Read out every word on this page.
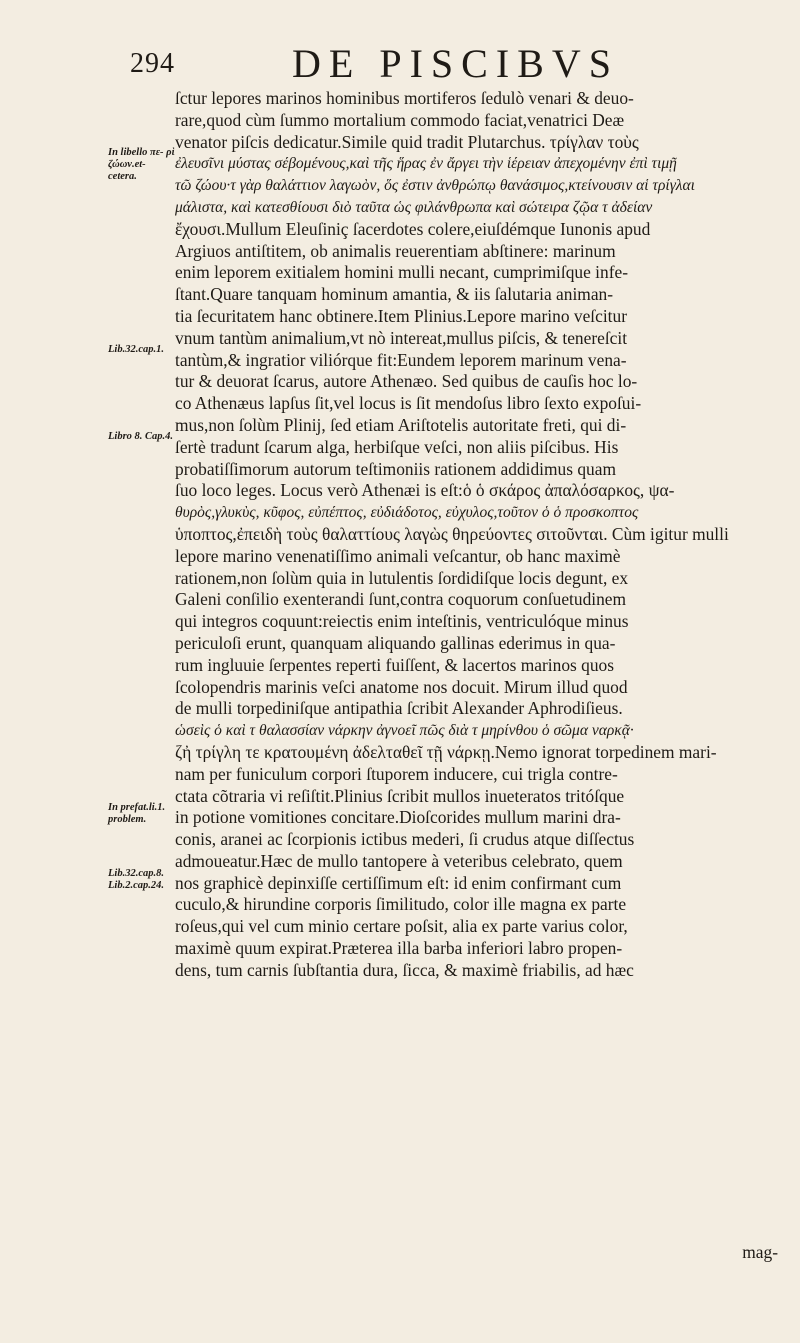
294	DE PISCIBVS
In libello πε- ρὶ ζώων.et- cetera.
Lib.32.cap.1.
Libro 8. Cap.4.
In prefat.li.1. problem.
Lib.32.cap.8. Lib.2.cap.24.
ſctur lepores marinos hominibus mortiferos ſedulò venari & deuo-
rare,quod cùm ſummo mortalium commodo faciat,venatrici Deæ
venator piſcis dedicatur.Simile quid tradit Plutarchus. τρίγλαν τοὺς
ἐλευσῖνι μύστας σέβομένους,καὶ τῆς ἥρας ἐν ἄργει τὴν ἱέρειαν ἀπεχομένην ἐπὶ τιμῇ
τῶ ζώου·τ γὰρ θαλάττιον λαγωὸν, ὅς ἐστιν ἀνθρώπῳ θανάσιμος,κτείνουσιν αἱ τρίγλαι
μάλιστα, καὶ κατεσθίουσι διὸ ταῦτα ὡς φιλάνθρωπα καὶ σώτειρα ζῷα τ ἀδείαν
ἔχουσι.Mullum Eleuſiniç ſacerdotes colere,eiuſdémque Iunonis apud
Argiuos antiſtitem, ob animalis reuerentiam abſtinere: marinum
enim leporem exitialem homini mulli necant, cumprimiſque infe-
ſtant.Quare tanquam hominum amantia, & iis ſalutaria animan-
tia ſecuritatem hanc obtinere.Item Plinius.Lepore marino veſcitur
vnum tantùm animalium,vt nò intereat,mullus piſcis, & tenereſcit
tantùm,& ingratior viliórque fit:Eundem leporem marinum vena-
tur & deuorat ſcarus, autore Athenæo. Sed quibus de cauſis hoc lo-
co Athenæus lapſus ſit,vel locus is ſit mendoſus libro ſexto expoſui-
mus,non ſolùm Plinij, ſed etiam Ariſtotelis autoritate freti, qui di-
ſertè tradunt ſcarum alga, herbiſque veſci, non aliis piſcibus. His
probatiſſimorum autorum teſtimoniis rationem addidimus quam
ſuo loco leges. Locus verò Athenæi is eſt:ὁ ὁ σκάρος ἀπαλόσαρκος, ψα-
θυρὸς,γλυκὺς, κῦφος, εὐπέπτος, εὐδιάδοτος, εὐχυλος,τοῦτον ὁ ὁ προσκοπτος
ὑποπτος,ἐπειδὴ τοὺς θαλαττίους λαγὼς θηρεύοντες σιτοῦνται. Cùm igitur mulli
lepore marino venenatiſſimo animali veſcantur, ob hanc maximè
rationem,non ſolùm quia in lutulentis ſordidiſque locis degunt, ex
Galeni conſilio exenterandi ſunt,contra coquorum conſuetudinem
qui integros coquunt:reiectis enim inteſtinis, ventriculóque minus
periculoſi erunt, quanquam aliquando gallinas ederimus in qua-
rum ingluuie ſerpentes reperti fuiſſent, & lacertos marinos quos
ſcolopendris marinis veſci anatome nos docuit. Mirum illud quod
de mulli torpediniſque antipathia ſcribit Alexander Aphrodiſieus.
ὡσεὶς ὁ καὶ τ θαλασσίαν νάρκην ἀγνοεῖ πῶς διὰ τ μηρίνθου ὁ σῶμα ναρκᾷ·
ζἠ τρίγλη τε κρατουμένη ἀδελταθεῖ τῇ νάρκῃ.Nemo ignorat torpedinem mari-
nam per funiculum corpori ſtuporem inducere, cui trigla contre-
ctata cõtraria vi reſiſtit.Plinius ſcribit mullos inueteratos tritóſque
in potione vomitiones concitare.Dioſcorides mullum marini dra-
conis, aranei ac ſcorpionis ictibus mederi, ſi crudus atque diſſectus
admoueatur.Hæc de mullo tantopere à veteribus celebrato, quem
nos graphicè depinxiſſe certiſſimum eſt: id enim confirmant cum
cuculo,& hirundine corporis ſimilitudo, color ille magna ex parte
roſeus,qui vel cum minio certare poſsit, alia ex parte varius color,
maximè quum expirat.Præterea illa barba inferiori labro propen-
dens, tum carnis ſubſtantia dura, ſicca, & maximè friabilis, ad hæc
mag-
